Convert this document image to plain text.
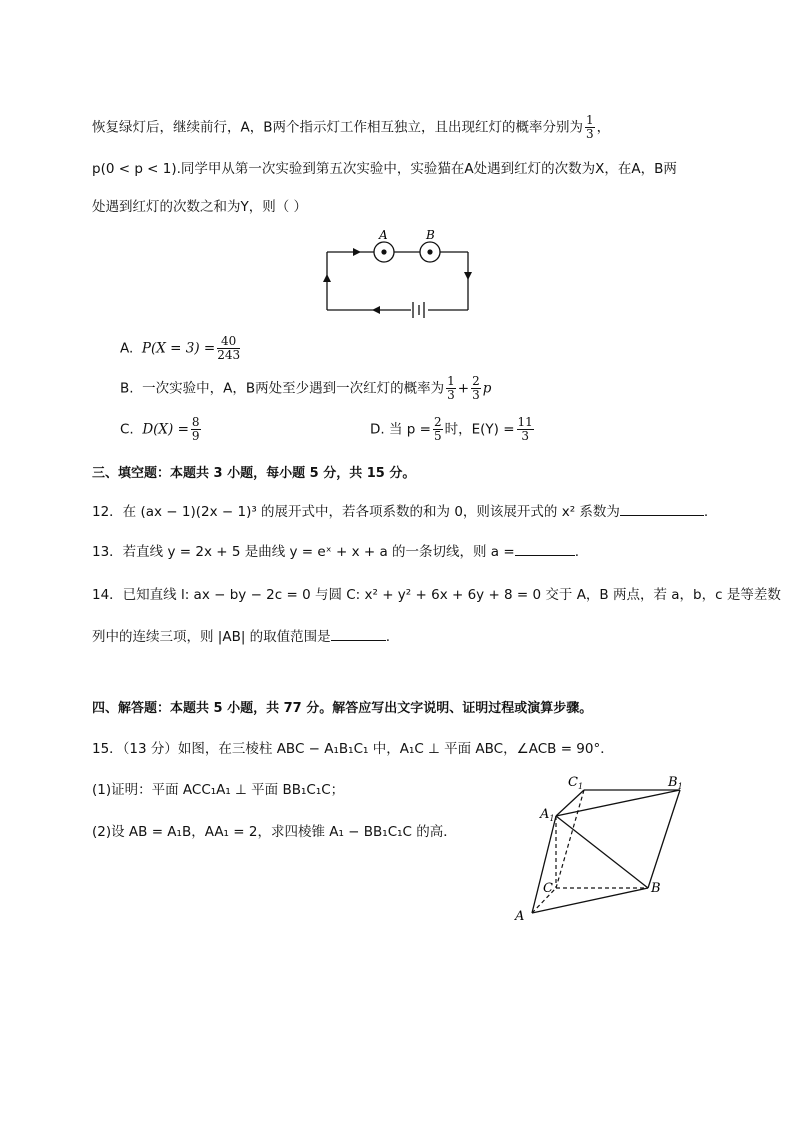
恢复绿灯后，继续前行，A，B两个指示灯工作相互独立，且出现红灯的概率分别为 $\frac{1}{3}$ ，
p(0 < p < 1).同学甲从第一次实验到第五次实验中，实验猫在A处遇到红灯的次数为X，在A，B两
处遇到红灯的次数之和为Y，则（ ）
A	B
A. $P(X = 3) = \frac{40}{243}$
B. 一次实验中，A，B两处至少遇到一次红灯的概率为 $\frac{1}{3} + \frac{2}{3}$ p
C. $D(X) = \frac{8}{9}$	D. 当 $p = \frac{2}{5}$ 时，$E(Y) = \frac{11}{3}$
三、填空题：本题共 3 小题，每小题 5 分，共 15 分。
12．在 (ax − 1)(2x − 1)³ 的展开式中，若各项系数的和为 0，则该展开式的 x² 系数为	.
13．若直线 y = 2x + 5 是曲线 y = eˣ + x + a 的一条切线，则 a =	.
14．已知直线 l: ax − by − 2c = 0 与圆 C: x² + y² + 6x + 6y + 8 = 0 交于 A，B 两点，若 a，b，c 是等差数
列中的连续三项，则 |AB| 的取值范围是	.
四、解答题：本题共 5 小题，共 77 分。解答应写出文字说明、证明过程或演算步骤。
15．（13 分）如图，在三棱柱 ABC − A₁B₁C₁ 中，A₁C ⊥ 平面 ABC，∠ACB = 90°．
(1)证明：平面 ACC₁A₁ ⊥ 平面 BB₁C₁C；
(2)设 AB = A₁B，AA₁ = 2，求四棱锥 A₁ − BB₁C₁C 的高．
A
B
C
$A_1$
$C_1$	$B_1$
